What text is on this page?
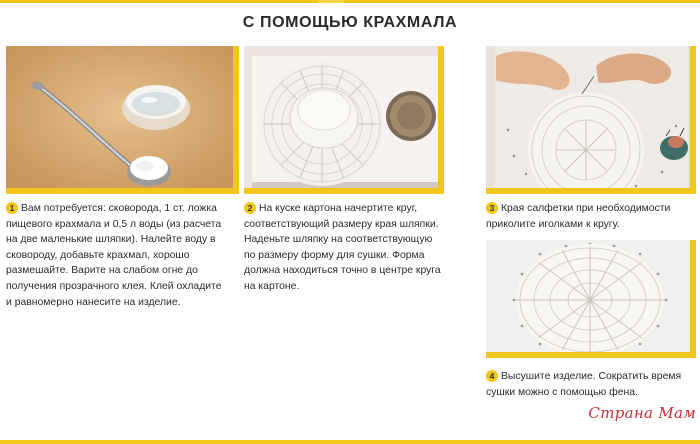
С ПОМОЩЬЮ КРАХМАЛА
1 Вам потребуется: сковорода, 1 ст. ложка пищевого крахмала и 0,5 л воды (из расчета на две маленькие шляпки). Налейте воду в сковороду, добавьте крахмал, хорошо размешайте. Варите на слабом огне до получения прозрачного клея. Клей охладите и равномерно нанесите на изделие.
2 На куске картона начертите круг, соответствующий размеру края шляпки. Наденьте шляпку на соответствующую по размеру форму для сушки. Форма должна находиться точно в центре круга на картоне.
3 Края салфетки при необходимости приколите иголками к кругу.
4 Высушите изделие. Сократить время сушки можно с помощью фена.
Страна Мам
